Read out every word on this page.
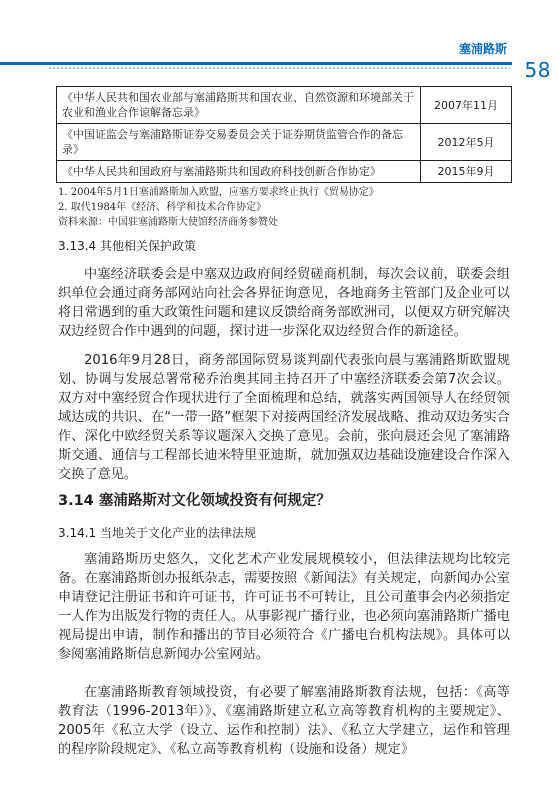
塞浦路斯
58
《中华人民共和国农业部与塞浦路斯共和国农业、自然资源和环境部关于农业和渔业合作谅解备忘录》	2007年11月
《中国证监会与塞浦路斯证券交易委员会关于证券期货监管合作的备忘录》	2012年5月
《中华人民共和国政府与塞浦路斯共和国政府科技创新合作协定》	2015年9月
1. 2004年5月1日塞浦路斯加入欧盟，应塞方要求终止执行《贸易协定》
2. 取代1984年《经济、科学和技术合作协定》
资料来源：中国驻塞浦路斯大使馆经济商务参赞处
3.13.4 其他相关保护政策

中塞经济联委会是中塞双边政府间经贸磋商机制，每次会议前，联委会组织单位会通过商务部网站向社会各界征询意见，各地商务主管部门及企业可以将日常遇到的重大政策性问题和建议反馈给商务部欧洲司，以便双方研究解决双边经贸合作中遇到的问题，探讨进一步深化双边经贸合作的新途径。

2016年9月28日，商务部国际贸易谈判副代表张向晨与塞浦路斯欧盟规划、协调与发展总署常秘乔治奥其同主持召开了中塞经济联委会第7次会议。双方对中塞经贸合作现状进行了全面梳理和总结，就落实两国领导人在经贸领域达成的共识、在“一带一路”框架下对接两国经济发展战略、推动双边务实合作、深化中欧经贸关系等议题深入交换了意见。会前，张向晨还会见了塞浦路斯交通、通信与工程部长迪米特里亚迪斯，就加强双边基础设施建设合作深入交换了意见。

3.14 塞浦路斯对文化领域投资有何规定？
3.14.1 当地关于文化产业的法律法规

塞浦路斯历史悠久，文化艺术产业发展规模较小，但法律法规均比较完备。在塞浦路斯创办报纸杂志，需要按照《新闻法》有关规定，向新闻办公室申请登记注册证书和许可证书，许可证书不可转让，且公司董事会内必须指定一人作为出版发行物的责任人。从事影视广播行业，也必须向塞浦路斯广播电视局提出申请，制作和播出的节目必须符合《广播电台机构法规》。具体可以参阅塞浦路斯信息新闻办公室网站。

在塞浦路斯教育领域投资，有必要了解塞浦路斯教育法规，包括：《高等教育法（1996-2013年）》、《塞浦路斯建立私立高等教育机构的主要规定》、2005年《私立大学（设立、运作和控制）法》、《私立大学建立，运作和管理的程序阶段规定》、《私立高等教育机构（设施和设备）规定》
